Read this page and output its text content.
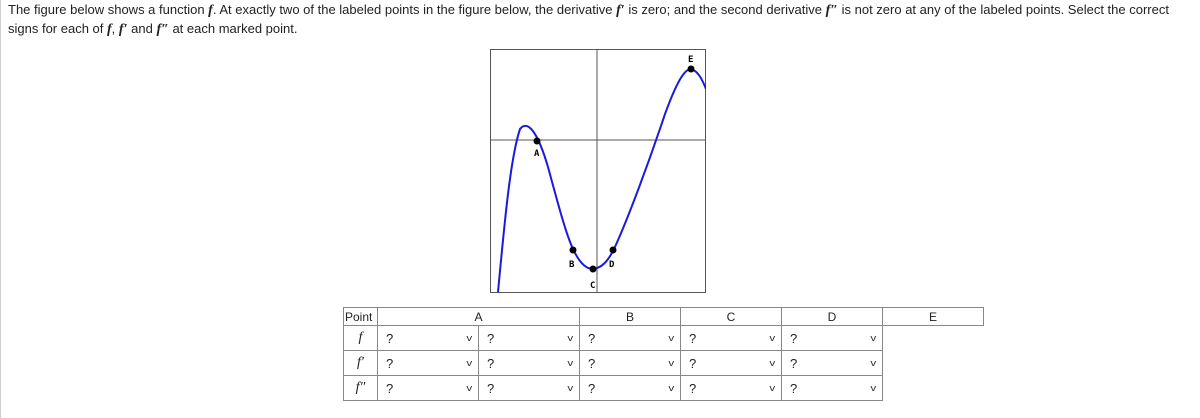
The figure below shows a function f. At exactly two of the labeled points in the figure below, the derivative f′ is zero; and the second derivative f″ is not zero at any of the labeled points. Select the correct signs for each of f, f′ and f″ at each marked point.
A
B
C
D
E
Point	A		B	C	D	E
f	? v	? v	? v	? v	? v	

f′	? v	? v	? v	? v	? v	

f″	? v	? v	? v	? v	? v	
